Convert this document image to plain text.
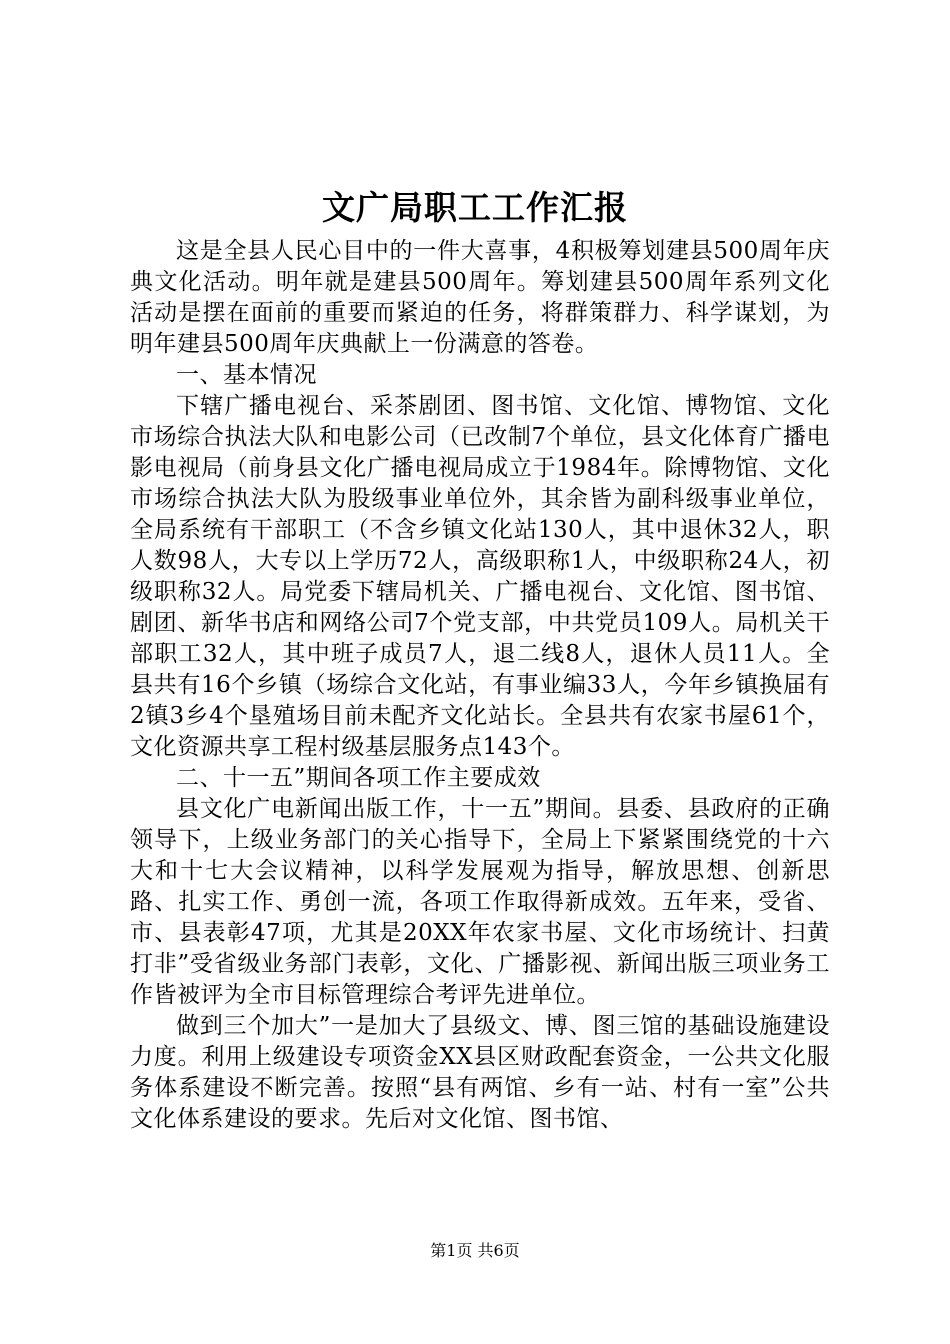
文广局职工工作汇报

这是全县人民心目中的一件大喜事，4积极筹划建县500周年庆典文化活动。明年就是建县500周年。筹划建县500周年系列文化活动是摆在面前的重要而紧迫的任务，将群策群力、科学谋划，为明年建县500周年庆典献上一份满意的答卷。

一、基本情况

下辖广播电视台、采茶剧团、图书馆、文化馆、博物馆、文化市场综合执法大队和电影公司（已改制7个单位，县文化体育广播电影电视局（前身县文化广播电视局成立于1984年。除博物馆、文化市场综合执法大队为股级事业单位外，其余皆为副科级事业单位，全局系统有干部职工（不含乡镇文化站130人，其中退休32人，职人数98人，大专以上学历72人，高级职称1人，中级职称24人，初级职称32人。局党委下辖局机关、广播电视台、文化馆、图书馆、剧团、新华书店和网络公司7个党支部，中共党员109人。局机关干部职工32人，其中班子成员7人，退二线8人，退休人员11人。全县共有16个乡镇（场综合文化站，有事业编33人，今年乡镇换届有2镇3乡4个垦殖场目前未配齐文化站长。全县共有农家书屋61个，文化资源共享工程村级基层服务点143个。

二、十一五”期间各项工作主要成效

县文化广电新闻出版工作，十一五”期间。县委、县政府的正确领导下，上级业务部门的关心指导下，全局上下紧紧围绕党的十六大和十七大会议精神，以科学发展观为指导，解放思想、创新思路、扎实工作、勇创一流，各项工作取得新成效。五年来，受省、市、县表彰47项，尤其是20XX年农家书屋、文化市场统计、扫黄打非”受省级业务部门表彰，文化、广播影视、新闻出版三项业务工作皆被评为全市目标管理综合考评先进单位。

做到三个加大”一是加大了县级文、博、图三馆的基础设施建设力度。利用上级建设专项资金XX县区财政配套资金，一公共文化服务体系建设不断完善。按照“县有两馆、乡有一站、村有一室”公共文化体系建设的要求。先后对文化馆、图书馆、

第1页 共6页
